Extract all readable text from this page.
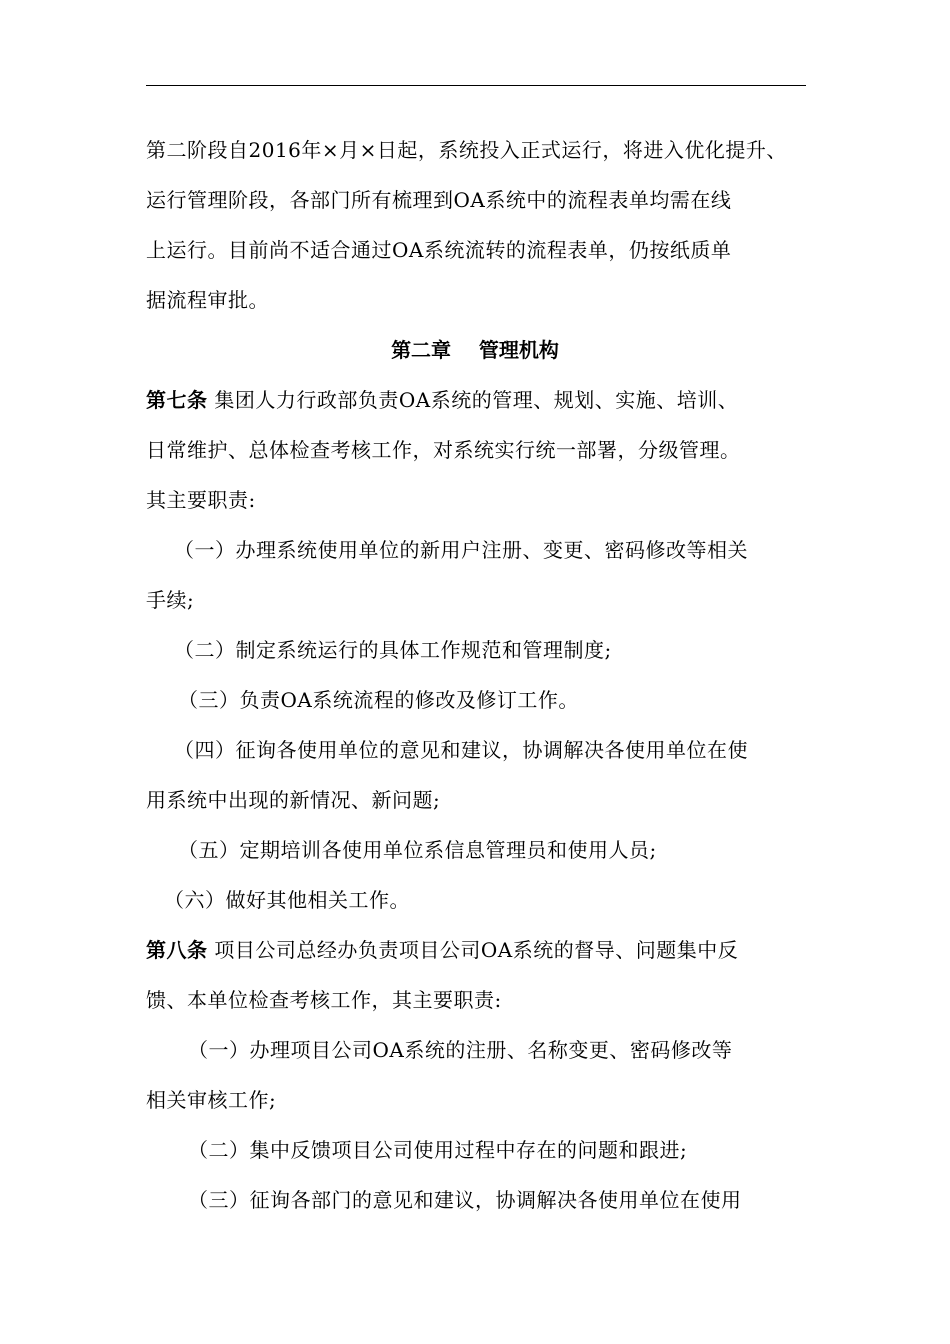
第二阶段自2016年×月×日起，系统投入正式运行，将进入优化提升、
运行管理阶段，各部门所有梳理到OA系统中的流程表单均需在线
上运行。目前尚不适合通过OA系统流转的流程表单，仍按纸质单
据流程审批。
第二章    管理机构
第七条 集团人力行政部负责OA系统的管理、规划、实施、培训、
日常维护、总体检查考核工作，对系统实行统一部署，分级管理。
其主要职责:
（一）办理系统使用单位的新用户注册、变更、密码修改等相关
手续;
（二）制定系统运行的具体工作规范和管理制度;
（三）负责OA系统流程的修改及修订工作。
（四）征询各使用单位的意见和建议，协调解决各使用单位在使
用系统中出现的新情况、新问题;
（五）定期培训各使用单位系信息管理员和使用人员;
（六）做好其他相关工作。
第八条 项目公司总经办负责项目公司OA系统的督导、问题集中反
馈、本单位检查考核工作，其主要职责:
（一）办理项目公司OA系统的注册、名称变更、密码修改等
相关审核工作;
（二）集中反馈项目公司使用过程中存在的问题和跟进;
（三）征询各部门的意见和建议，协调解决各使用单位在使用
